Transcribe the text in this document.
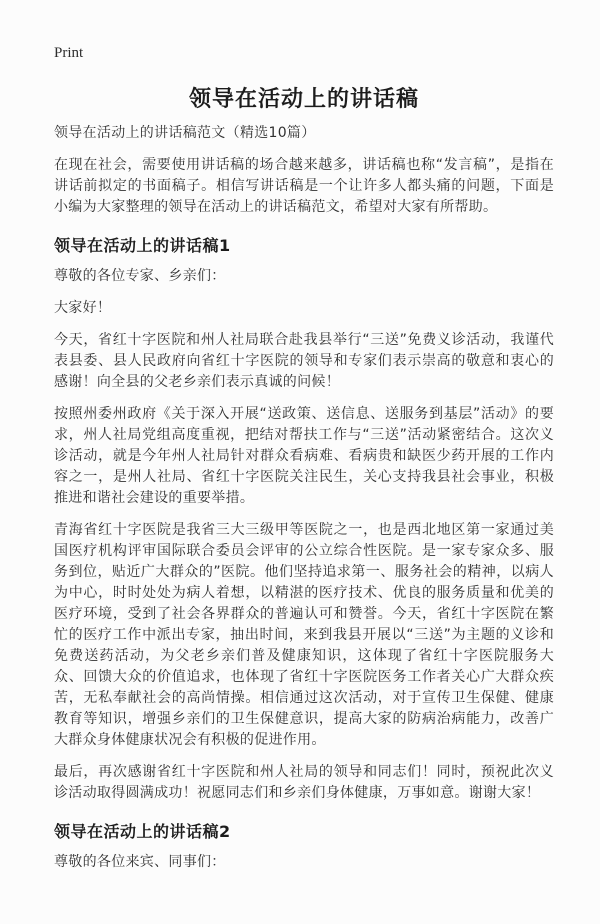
Print
领导在活动上的讲话稿

领导在活动上的讲话稿范文（精选10篇）

在现在社会，需要使用讲话稿的场合越来越多，讲话稿也称“发言稿”，是指在讲话前拟定的书面稿子。相信写讲话稿是一个让许多人都头痛的问题，下面是小编为大家整理的领导在活动上的讲话稿范文，希望对大家有所帮助。

领导在活动上的讲话稿1

尊敬的各位专家、乡亲们：

大家好！

今天，省红十字医院和州人社局联合赴我县举行“三送”免费义诊活动，我谨代表县委、县人民政府向省红十字医院的领导和专家们表示崇高的敬意和衷心的感谢！向全县的父老乡亲们表示真诚的问候！

按照州委州政府《关于深入开展“送政策、送信息、送服务到基层”活动》的要求，州人社局党组高度重视，把结对帮扶工作与“三送”活动紧密结合。这次义诊活动，就是今年州人社局针对群众看病难、看病贵和缺医少药开展的工作内容之一，是州人社局、省红十字医院关注民生，关心支持我县社会事业，积极推进和谐社会建设的重要举措。

青海省红十字医院是我省三大三级甲等医院之一，也是西北地区第一家通过美国医疗机构评审国际联合委员会评审的公立综合性医院。是一家专家众多、服务到位，贴近广大群众的”医院。他们坚持追求第一、服务社会的精神，以病人为中心，时时处处为病人着想，以精湛的医疗技术、优良的服务质量和优美的医疗环境，受到了社会各界群众的普遍认可和赞誉。今天，省红十字医院在繁忙的医疗工作中派出专家，抽出时间，来到我县开展以“三送”为主题的义诊和免费送药活动，为父老乡亲们普及健康知识，这体现了省红十字医院服务大众、回馈大众的价值追求，也体现了省红十字医院医务工作者关心广大群众疾苦，无私奉献社会的高尚情操。相信通过这次活动，对于宣传卫生保健、健康教育等知识，增强乡亲们的卫生保健意识，提高大家的防病治病能力，改善广大群众身体健康状况会有积极的促进作用。

最后，再次感谢省红十字医院和州人社局的领导和同志们！同时，预祝此次义诊活动取得圆满成功！祝愿同志们和乡亲们身体健康，万事如意。谢谢大家！

领导在活动上的讲话稿2

尊敬的各位来宾、同事们：
